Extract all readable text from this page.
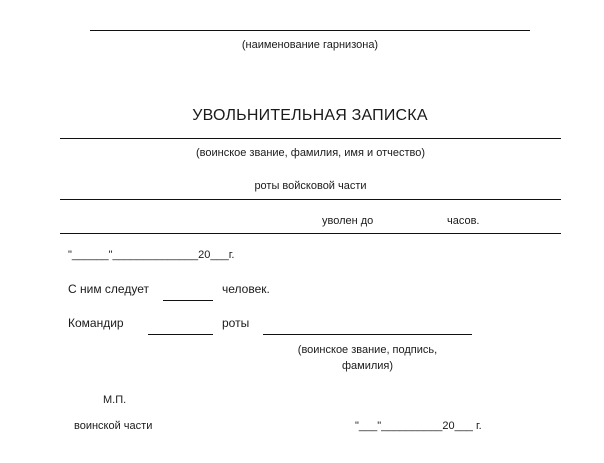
(наименование гарнизона)
УВОЛЬНИТЕЛЬНАЯ ЗАПИСКА
(воинское звание, фамилия, имя и отчество)
роты войсковой части
уволен до	часов.
"______"______________20___г.
С ним следует	человек.
Командир	роты
(воинское звание, подпись,
фамилия)
М.П.
воинской части	"___"__________20___ г.
